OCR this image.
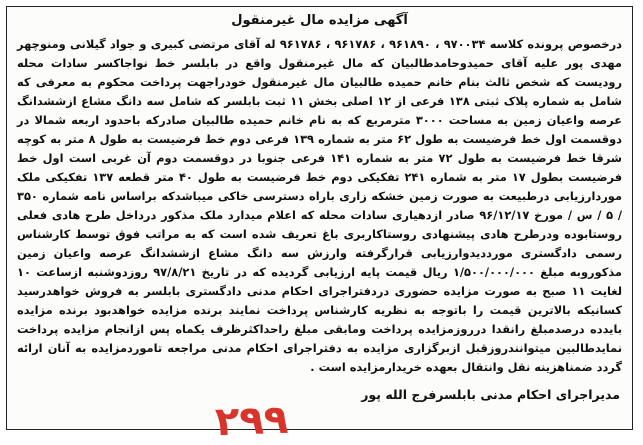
آگهی مزایده مال غیرمنقول
درخصوص پرونده کلاسه ۹۷۰۰۳۴ ، ۹۶۱۸۹۰ ، ۹۶۱۷۸۶ ، ۹۶۱۷۸۶ له آقای مرتضی کبیری و جواد گیلانی ومنوچهر مهدی پور علیه آقای حمیدوحامدطالبیان که مال غیرمنقول واقع در بابلسر خط نواجاکسر سادات محله رودیست که شخص ثالث بنام خانم حمیده طالبیان مال غیرمنقول خودراجهت پرداخت محکوم به معرفی که شامل به شماره پلاک ثبتی ۱۳۸ فرعی از ۱۲ اصلی بخش ۱۱ ثبت بابلسر که شامل سه دانگ مشاع ازششدانگ عرصه واعیان زمین به مساحت ۳۰۰۰ مترمربع که به نام خانم حمیده طالبیان صادرکه باحدود اربعه شمالا در دوقسمت اول خط فرضیست به طول ۶۲ متر به شماره ۱۳۹ فرعی دوم خط فرضیست به طول ۸ متر به کوچه شرقا خط فرضیست به طول ۷۲ متر به شماره ۱۴۱ فرعی جنوبا در دوقسمت دوم آن غربی است اول خط فرضیست بطول ۱۷ متر به شماره ۲۴۱ تفکیکی دوم خط فرضیست به طول ۴۰ متر قطعه ۱۳۷ تفکیکی ملک موردارزیابی درطبیعت به صورت زمین خشکه زاری باراه دسترسی خاکی میباشدکه براساس نامه شماره ۳۵۰ / ۵ / س / مورخ ۹۶/۱۲/۱۷ صادر ازدهیاری سادات محله که اعلام میدارد ملک مذکور درداخل طرح هادی فعلی روستابوده ودرطرح هادی پیشنهادی روستاکاربری باغ تعریف شده است که به مراتب فوق توسط کارشناس رسمی دادگستری مورددیدوارزیابی قرارگرفته وارزش سه دانگ مشاع ازششدانگ عرصه واعیان زمین مذکوروبه مبلغ ۱/۵۰۰/۰۰۰/۰۰۰ ریال قیمت پایه ارزیابی گردیده که در تاریخ ۹۷/۸/۲۱ روزدوشنبه ازساعت ۱۰ لغایت ۱۱ صبح به صورت مزایده حضوری دردفتراجرای احکام مدنی دادگستری بابلسر به فروش خواهدرسید کسانیکه بالاترین قیمت را باتوجه به نظریه کارشناس پرداخت نمایند برنده مزایده خواهدبود برنده مزایده بایدده درصدمبلغ رانقدا درروزمزایده پرداخت ومابقی مبلغ راحداکثرظرف یکماه پس ازانجام مزایده پرداخت نمایدطالبین میتوانندروزقبل ازبرگزاری مزایده به دفتراجرای احکام مدنی مراجعه تاموردمزایده به آنان ارائه گردد ضمناهزینه نقل وانتقال بعهده خریدارمزایده است .
مدیراجرای احکام مدنی بابلسرفرج الله پور
۲۹۹
